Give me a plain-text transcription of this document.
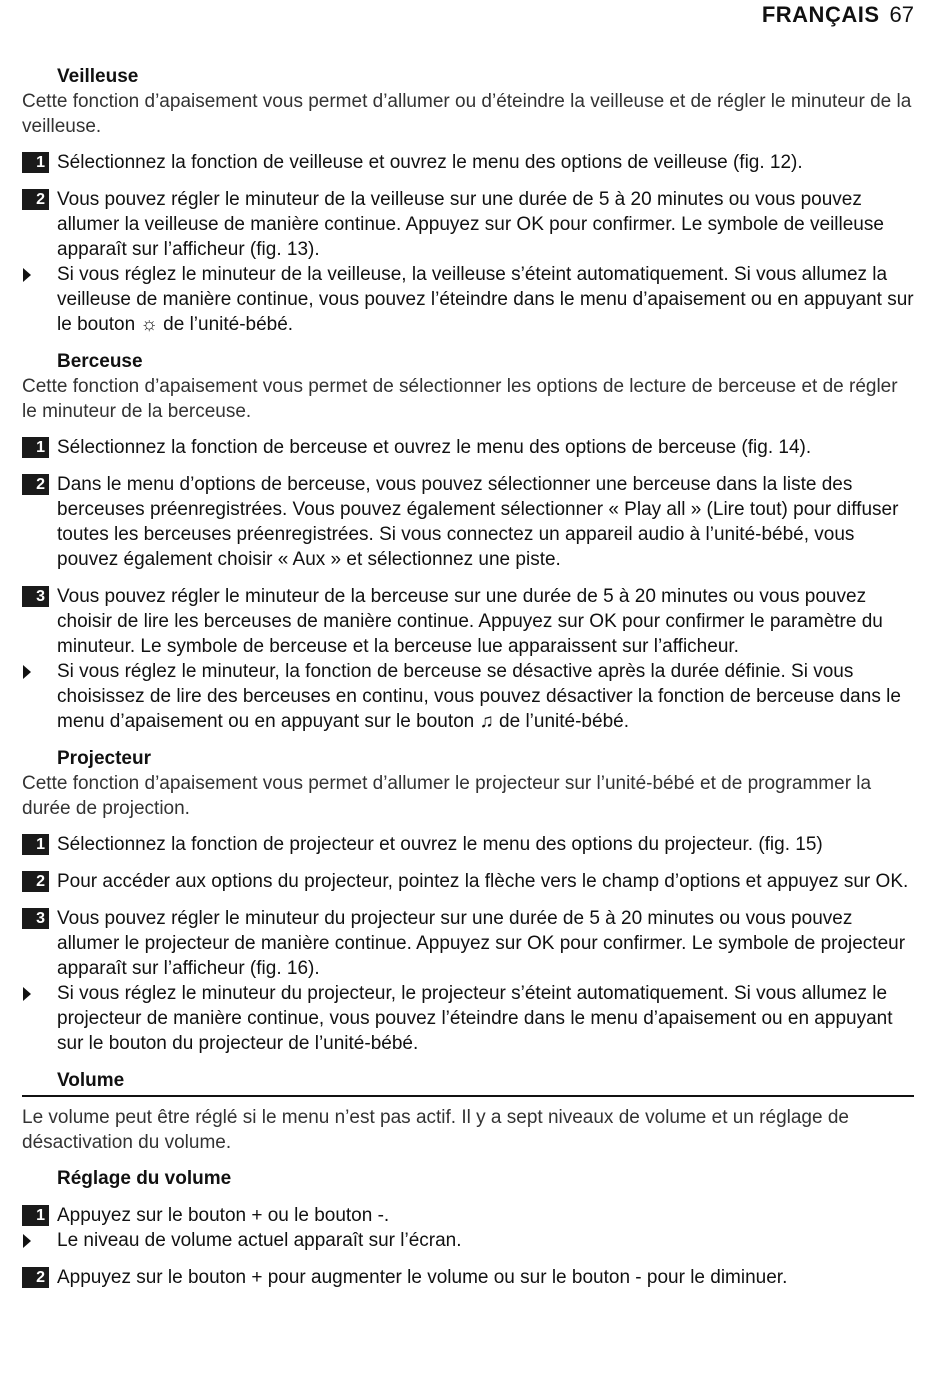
FRANÇAIS 67
Veilleuse

Cette fonction d’apaisement vous permet d’allumer ou d’éteindre la veilleuse et de régler le minuteur de la veilleuse.

1 Sélectionnez la fonction de veilleuse et ouvrez le menu des options de veilleuse (fig. 12).
2 Vous pouvez régler le minuteur de la veilleuse sur une durée de 5 à 20 minutes ou vous pouvez allumer la veilleuse de manière continue. Appuyez sur OK pour confirmer. Le symbole de veilleuse apparaît sur l’afficheur (fig. 13).
Si vous réglez le minuteur de la veilleuse, la veilleuse s’éteint automatiquement. Si vous allumez la veilleuse de manière continue, vous pouvez l’éteindre dans le menu d’apaisement ou en appuyant sur le bouton ☼ de l’unité-bébé.
Berceuse

Cette fonction d’apaisement vous permet de sélectionner les options de lecture de berceuse et de régler le minuteur de la berceuse.

1 Sélectionnez la fonction de berceuse et ouvrez le menu des options de berceuse (fig. 14).
2 Dans le menu d’options de berceuse, vous pouvez sélectionner une berceuse dans la liste des berceuses préenregistrées. Vous pouvez également sélectionner « Play all » (Lire tout) pour diffuser toutes les berceuses préenregistrées. Si vous connectez un appareil audio à l’unité-bébé, vous pouvez également choisir « Aux » et sélectionnez une piste.
3 Vous pouvez régler le minuteur de la berceuse sur une durée de 5 à 20 minutes ou vous pouvez choisir de lire les berceuses de manière continue. Appuyez sur OK pour confirmer le paramètre du minuteur. Le symbole de berceuse et la berceuse lue apparaissent sur l’afficheur.
Si vous réglez le minuteur, la fonction de berceuse se désactive après la durée définie. Si vous choisissez de lire des berceuses en continu, vous pouvez désactiver la fonction de berceuse dans le menu d’apaisement ou en appuyant sur le bouton ♫ de l’unité-bébé.
Projecteur

Cette fonction d’apaisement vous permet d’allumer le projecteur sur l’unité-bébé et de programmer la durée de projection.

1 Sélectionnez la fonction de projecteur et ouvrez le menu des options du projecteur. (fig. 15)
2 Pour accéder aux options du projecteur, pointez la flèche vers le champ d’options et appuyez sur OK.
3 Vous pouvez régler le minuteur du projecteur sur une durée de 5 à 20 minutes ou vous pouvez allumer le projecteur de manière continue. Appuyez sur OK pour confirmer. Le symbole de projecteur apparaît sur l’afficheur (fig. 16).
Si vous réglez le minuteur du projecteur, le projecteur s’éteint automatiquement. Si vous allumez le projecteur de manière continue, vous pouvez l’éteindre dans le menu d’apaisement ou en appuyant sur le bouton du projecteur de l’unité-bébé.
Volume

Le volume peut être réglé si le menu n’est pas actif. Il y a sept niveaux de volume et un réglage de désactivation du volume.

Réglage du volume
1 Appuyez sur le bouton + ou le bouton -.
Le niveau de volume actuel apparaît sur l’écran.
2 Appuyez sur le bouton + pour augmenter le volume ou sur le bouton - pour le diminuer.
